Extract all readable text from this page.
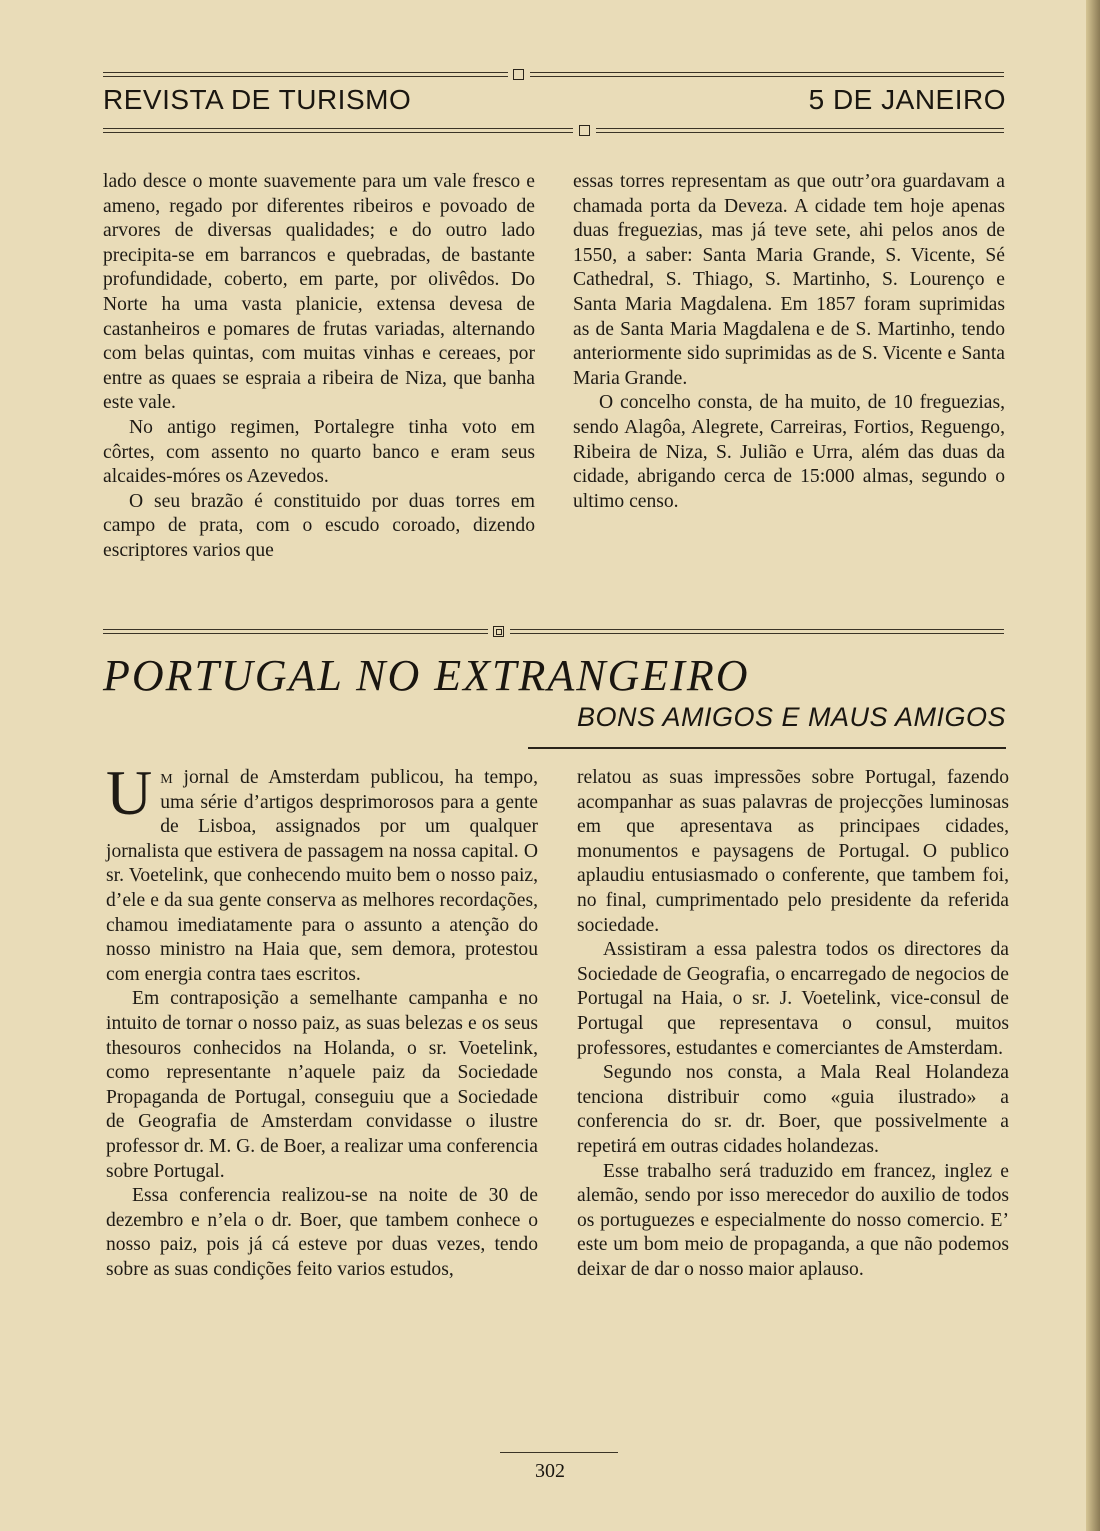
REVISTA DE TURISMO	5 DE JANEIRO

lado desce o monte suavemente para um vale fresco e ameno, regado por diferentes ribeiros e povoado de arvores de diversas qualidades; e do outro lado precipita-se em barrancos e quebradas, de bastante profundidade, coberto, em parte, por olivêdos. Do Norte ha uma vasta planicie, extensa devesa de castanheiros e pomares de frutas variadas, alternando com belas quintas, com muitas vinhas e cereaes, por entre as quaes se espraia a ribeira de Niza, que banha este vale.

No antigo regimen, Portalegre tinha voto em côrtes, com assento no quarto banco e eram seus alcaides-móres os Azevedos.

O seu brazão é constituido por duas torres em campo de prata, com o escudo coroado, dizendo escriptores varios que

essas torres representam as que outr’ora guardavam a chamada porta da Deveza. A cidade tem hoje apenas duas freguezias, mas já teve sete, ahi pelos anos de 1550, a saber: Santa Maria Grande, S. Vicente, Sé Cathedral, S. Thiago, S. Martinho, S. Lourenço e Santa Maria Magdalena. Em 1857 foram suprimidas as de Santa Maria Magdalena e de S. Martinho, tendo anteriormente sido suprimidas as de S. Vicente e Santa Maria Grande.

O concelho consta, de ha muito, de 10 freguezias, sendo Alagôa, Alegrete, Carreiras, Fortios, Reguengo, Ribeira de Niza, S. Julião e Urra, além das duas da cidade, abrigando cerca de 15:000 almas, segundo o ultimo censo.

PORTUGAL NO EXTRANGEIRO
BONS AMIGOS E MAUS AMIGOS

Um jornal de Amsterdam publicou, ha tempo, uma série d’artigos desprimorosos para a gente de Lisboa, assignados por um qualquer jornalista que estivera de passagem na nossa capital. O sr. Voetelink, que conhecendo muito bem o nosso paiz, d’ele e da sua gente conserva as melhores recordações, chamou imediatamente para o assunto a atenção do nosso ministro na Haia que, sem demora, protestou com energia contra taes escritos.

Em contraposição a semelhante campanha e no intuito de tornar o nosso paiz, as suas belezas e os seus thesouros conhecidos na Holanda, o sr. Voetelink, como representante n’aquele paiz da Sociedade Propaganda de Portugal, conseguiu que a Sociedade de Geografia de Amsterdam convidasse o ilustre professor dr. M. G. de Boer, a realizar uma conferencia sobre Portugal.

Essa conferencia realizou-se na noite de 30 de dezembro e n’ela o dr. Boer, que tambem conhece o nosso paiz, pois já cá esteve por duas vezes, tendo sobre as suas condições feito varios estudos,

relatou as suas impressões sobre Portugal, fazendo acompanhar as suas palavras de projecções luminosas em que apresentava as principaes cidades, monumentos e paysagens de Portugal. O publico aplaudiu entusiasmado o conferente, que tambem foi, no final, cumprimentado pelo presidente da referida sociedade.

Assistiram a essa palestra todos os directores da Sociedade de Geografia, o encarregado de negocios de Portugal na Haia, o sr. J. Voetelink, vice-consul de Portugal que representava o consul, muitos professores, estudantes e comerciantes de Amsterdam.

Segundo nos consta, a Mala Real Holandeza tenciona distribuir como «guia ilustrado» a conferencia do sr. dr. Boer, que possivelmente a repetirá em outras cidades holandezas.

Esse trabalho será traduzido em francez, inglez e alemão, sendo por isso merecedor do auxilio de todos os portuguezes e especialmente do nosso comercio. E’ este um bom meio de propaganda, a que não podemos deixar de dar o nosso maior aplauso.

302
